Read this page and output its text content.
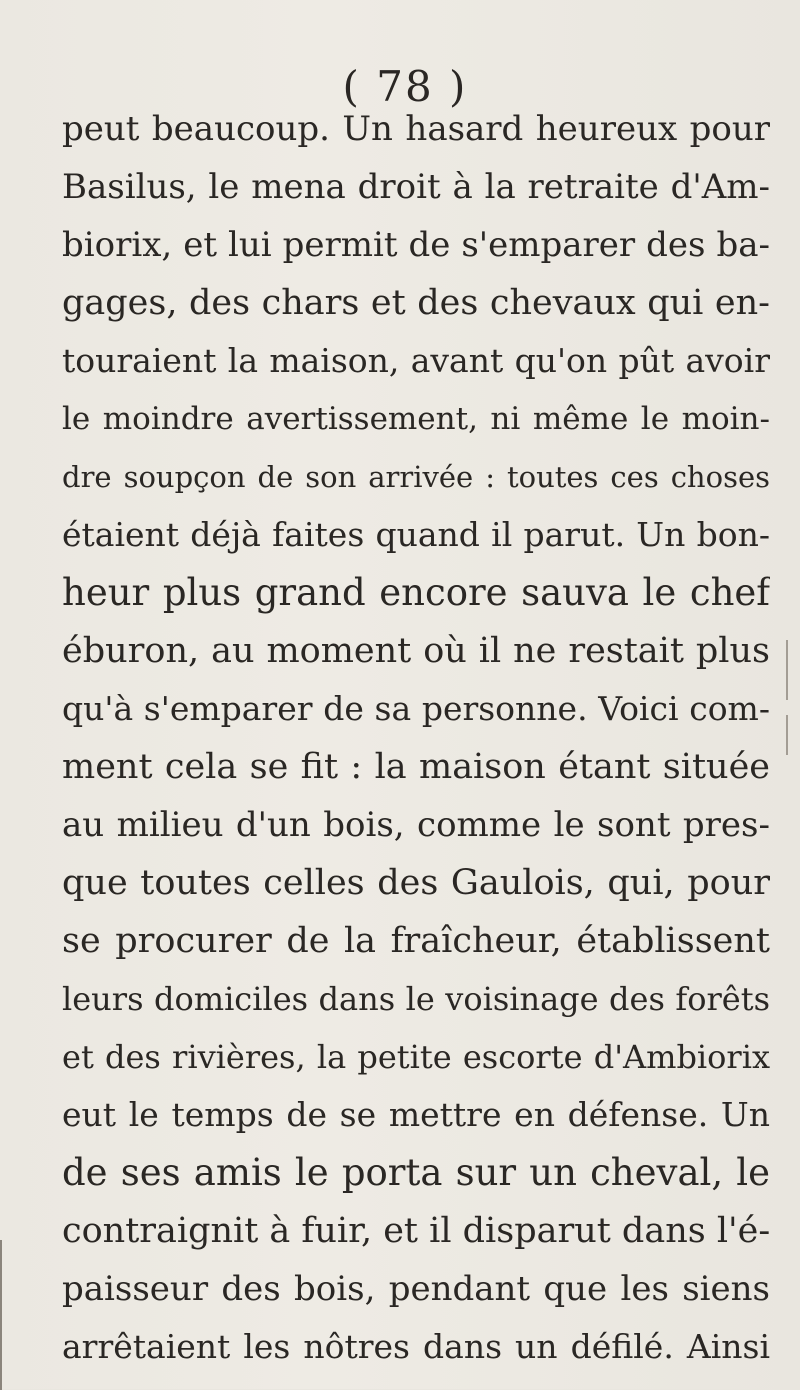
( 78 )
peut beaucoup. Un hasard heureux pour
Basilus, le mena droit à la retraite d'Am-
biorix, et lui permit de s'emparer des ba-
gages, des chars et des chevaux qui en-
touraient la maison, avant qu'on pût avoir
le moindre avertissement, ni même le moin-
dre soupçon de son arrivée : toutes ces choses
étaient déjà faites quand il parut. Un bon-
heur plus grand encore sauva le chef
éburon, au moment où il ne restait plus
qu'à s'emparer de sa personne. Voici com-
ment cela se fit : la maison étant située
au milieu d'un bois, comme le sont pres-
que toutes celles des Gaulois, qui, pour
se procurer de la fraîcheur, établissent
leurs domiciles dans le voisinage des forêts
et des rivières, la petite escorte d'Ambiorix
eut le temps de se mettre en défense. Un
de ses amis le porta sur un cheval, le
contraignit à fuir, et il disparut dans l'é-
paisseur des bois, pendant que les siens
arrêtaient les nôtres dans un défilé. Ainsi
